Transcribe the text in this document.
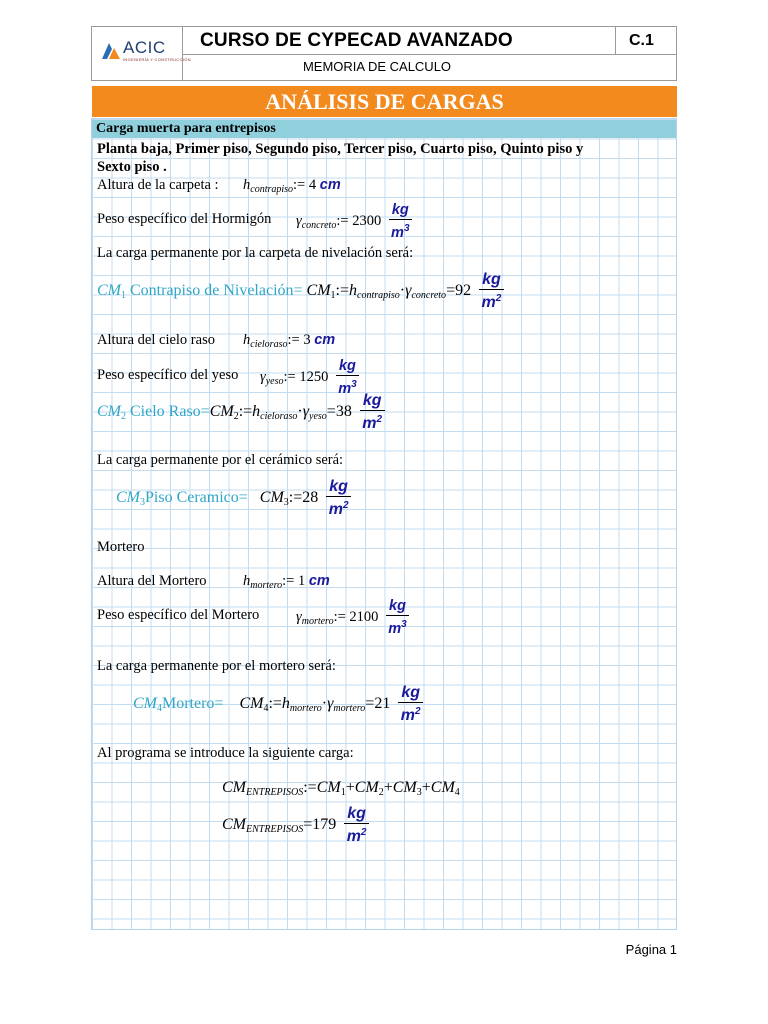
ACIC
INGENIERÍA Y CONSTRUCCIÓN
CURSO DE CYPECAD AVANZADO	C.1
MEMORIA DE CALCULO
ANÁLISIS DE CARGAS
Carga muerta para entrepisos
Planta baja, Primer piso, Segundo piso, Tercer piso, Cuarto piso, Quinto piso y
Sexto piso .
Altura de la carpeta : $h_{contrapiso}:= 4$ cm
Peso específico del Hormigón $\gamma_{concreto}:= 2300 \frac{kg}{m^3}$
La carga permanente por la carpeta de nivelación será:
$CM_1$ Contrapiso de Nivelación= $CM_1:=h_{contrapiso}\cdot\gamma_{concreto}=92 \frac{kg}{m^2}$
Altura del cielo raso $h_{cieloraso}:= 3$ cm
Peso específico del yeso $\gamma_{yeso}:= 1250 \frac{kg}{m^3}$
$CM_2$ Cielo $Raso=CM_2:=h_{cieloraso}\cdot\gamma_{yeso}=38 \frac{kg}{m^2}$
La carga permanente por el cerámico será:
$CM_3Piso$ Ceramico= $CM_3:=28 \frac{kg}{m^2}$
Mortero
Altura del Mortero	$h_{mortero}:= 1$ cm
Peso específico del Mortero	$\gamma_{mortero}:= 2100 \frac{kg}{m^3}$
La carga permanente por el mortero será:
$CM_4Mortero=$ $CM_4:=h_{mortero}\cdot\gamma_{mortero}=21 \frac{kg}{m^2}$
Al programa se introduce la siguiente carga:
$CM_{ENTREPISOS}:=CM_1+CM_2+CM_3+CM_4$
$CM_{ENTREPISOS}=179 \frac{kg}{m^2}$
Página 1
